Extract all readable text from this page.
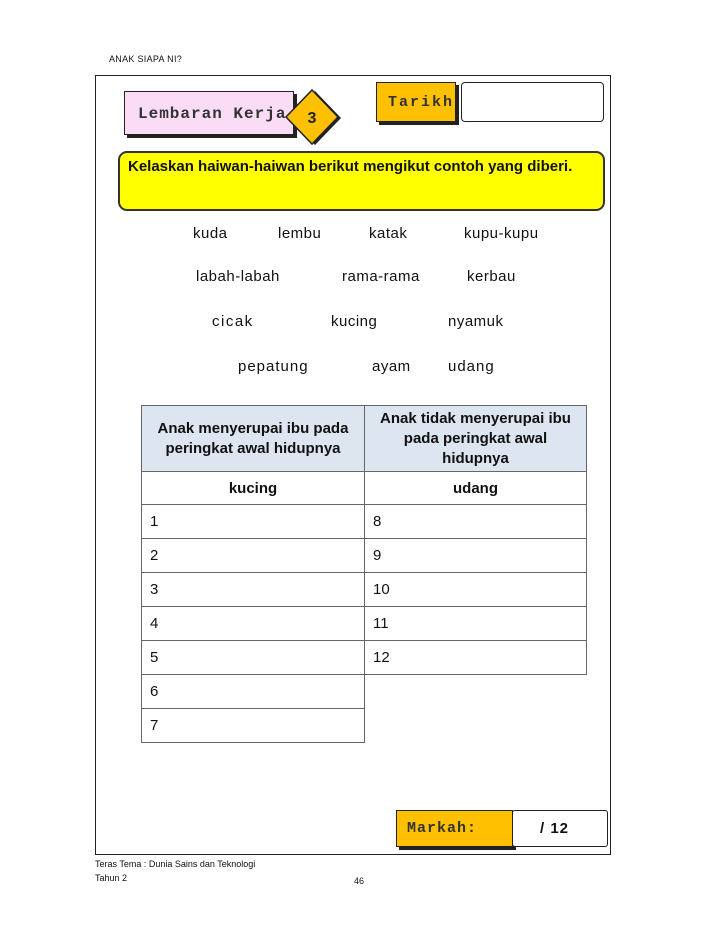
ANAK SIAPA NI?
Lembaran Kerja 3
Tarikh
Kelaskan haiwan-haiwan berikut mengikut contoh yang diberi.
kuda	lembu	katak	kupu-kupu
labah-labah	rama-rama	kerbau
cicak	kucing	nyamuk
pepatung	ayam udang
Anak menyerupai ibu pada peringkat awal hidupnya	Anak tidak menyerupai ibu pada peringkat awal hidupnya
kucing	udang
1	8
2	9
3	10
4	11
5	12
6	
7	
Markah:	/ 12
Teras Tema : Dunia Sains dan Teknologi
Tahun 2	46
